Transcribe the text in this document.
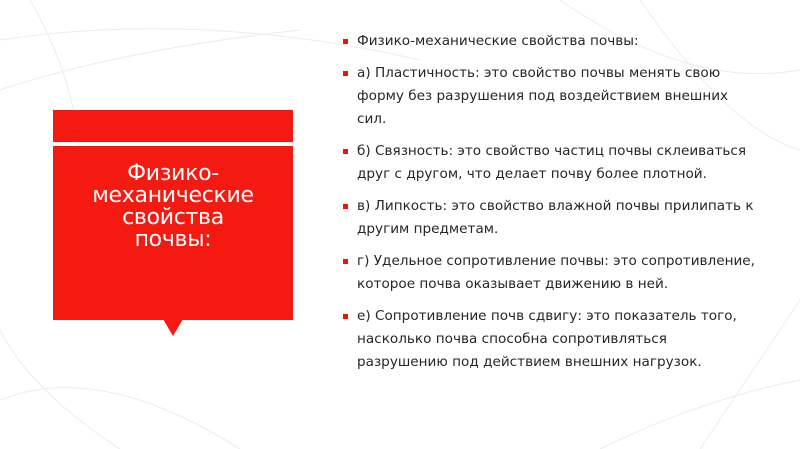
Физико-
механические
свойства
почвы:
Физико-механические свойства почвы:
а) Пластичность: это свойство почвы менять свою форму без разрушения под воздействием внешних сил.
б) Связность: это свойство частиц почвы склеиваться друг с другом, что делает почву более плотной.
в) Липкость: это свойство влажной почвы прилипать к другим предметам.
г) Удельное сопротивление почвы: это сопротивление, которое почва оказывает движению в ней.
е) Сопротивление почв сдвигу: это показатель того, насколько почва способна сопротивляться разрушению под действием внешних нагрузок.
